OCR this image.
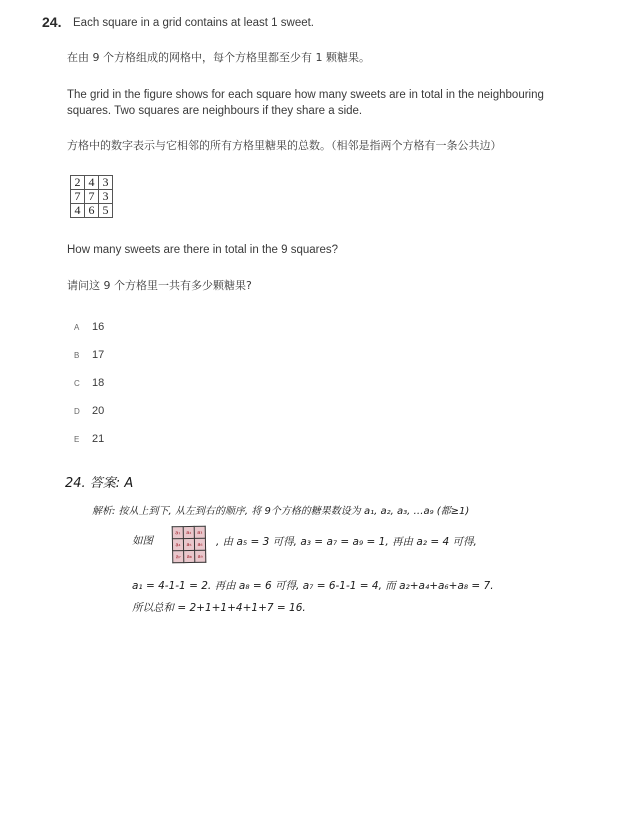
24. Each square in a grid contains at least 1 sweet.
在由 9 个方格组成的网格中，每个方格里都至少有 1 颗糖果。
The grid in the figure shows for each square how many sweets are in total in the neighbouring squares. Two squares are neighbours if they share a side.
方格中的数字表示与它相邻的所有方格里糖果的总数。（相邻是指两个方格有一条公共边）
2	4	3
7	7	3
4	6	5
How many sweets are there in total in the 9 squares?
请问这 9 个方格里一共有多少颗糖果?
A 16
B 17
C 18
D 20
E 21
24. 答案: A
解析: 按从上到下, 从左到右的顺序, 将 9个方格的糖果数设为 a₁, a₂, a₃, …a₉ (都≥1)
如图
a₁	a₂	a₃
a₄	a₅	a₆
a₇	a₈	a₉
, 由 a₅ = 3 可得, a₃ = a₇ = a₉ = 1, 再由 a₂ = 4 可得,
a₁ = 4-1-1 = 2. 再由 a₈ = 6 可得, a₇ = 6-1-1 = 4, 而 a₂+a₄+a₆+a₈ = 7.
所以总和 = 2+1+1+4+1+7 = 16.
